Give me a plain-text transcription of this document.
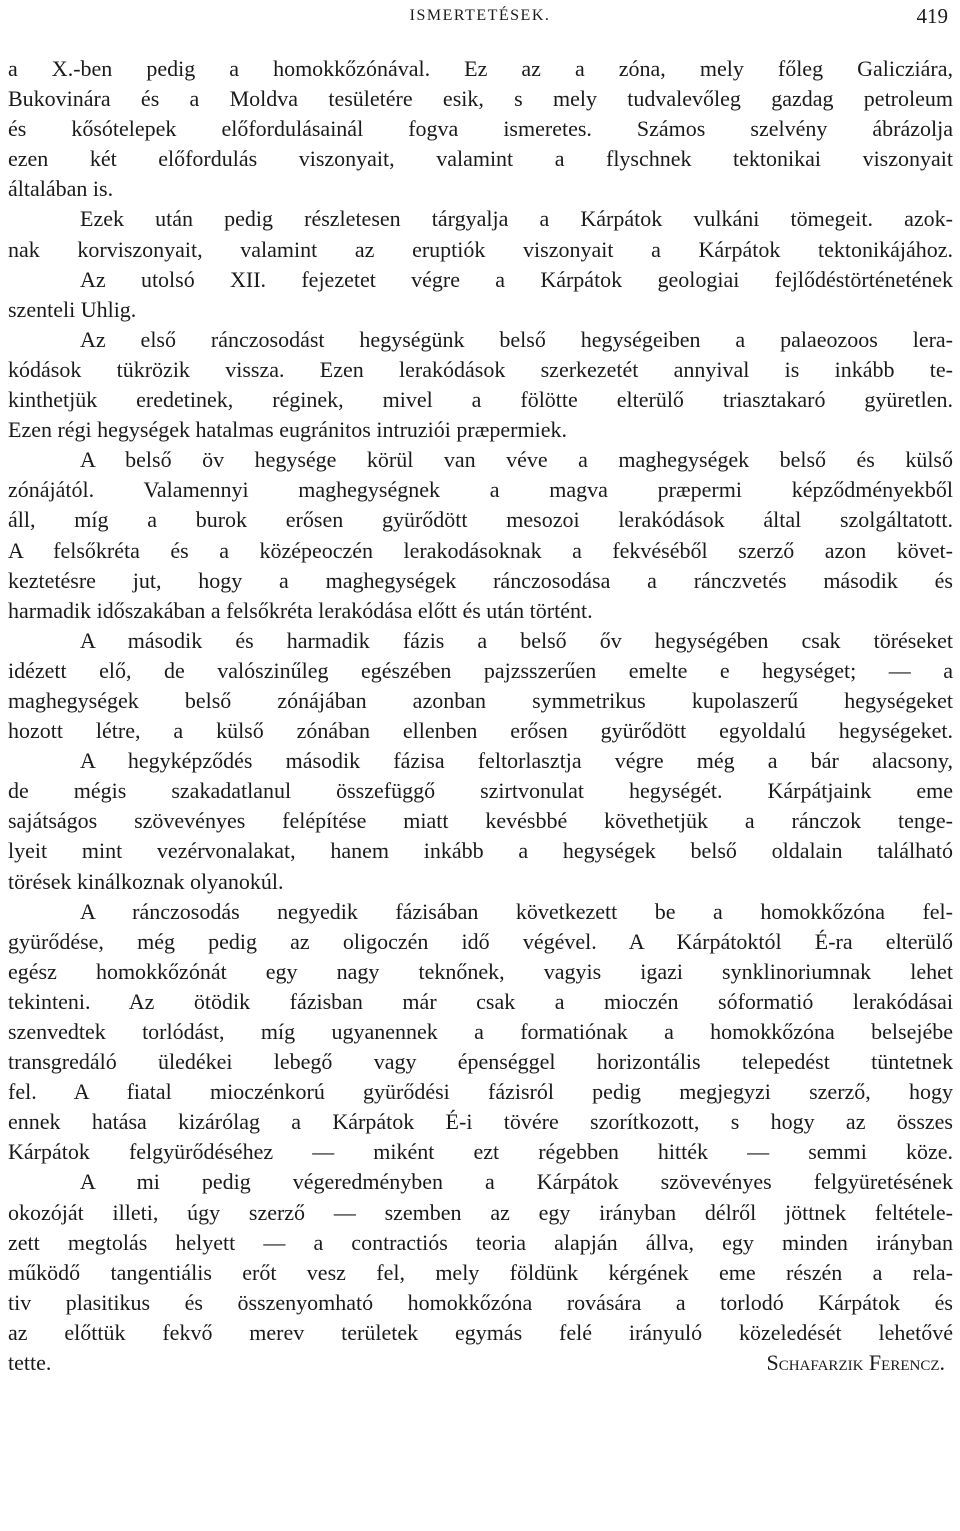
ISMERTETÉSEK.	419
a X.-ben pedig a homokkőzónával. Ez az a zóna, mely főleg Galicziára,
Bukovinára és a Moldva tesületére esik, s mely tudvalevőleg gazdag petroleum
és kősótelepek előfordulásainál fogva ismeretes. Számos szelvény ábrázolja
ezen két előfordulás viszonyait, valamint a flyschnek tektonikai viszonyait
általában is.
Ezek után pedig részletesen tárgyalja a Kárpátok vulkáni tömegeit. azok-
nak korviszonyait, valamint az eruptiók viszonyait a Kárpátok tektonikájához.
Az utolsó XII. fejezetet végre a Kárpátok geologiai fejlődéstörténetének
szenteli Uhlig.
Az első ránczosodást hegységünk belső hegységeiben a palaeozoos lera-
kódások tükrözik vissza. Ezen lerakódások szerkezetét annyival is inkább te-
kinthetjük eredetinek, réginek, mivel a fölötte elterülő triasztakaró gyüretlen.
Ezen régi hegységek hatalmas eugránitos intruziói præpermiek.
A belső öv hegysége körül van véve a maghegységek belső és külső
zónájától. Valamennyi maghegységnek a magva præpermi képződményekből
áll, míg a burok erősen gyürődött mesozoi lerakódások által szolgáltatott.
A felsőkréta és a középeoczén lerakodásoknak a fekvéséből szerző azon követ-
keztetésre jut, hogy a maghegységek ránczosodása a ránczvetés második és
harmadik időszakában a felsőkréta lerakódása előtt és után történt.
A második és harmadik fázis a belső őv hegységében csak töréseket
idézett elő, de valószinűleg egészében pajzsszerűen emelte e hegységet; — a
maghegységek belső zónájában azonban symmetrikus kupolaszerű hegységeket
hozott létre, a külső zónában ellenben erősen gyürődött egyoldalú hegységeket.
A hegyképződés második fázisa feltorlasztja végre még a bár alacsony,
de mégis szakadatlanul összefüggő szirtvonulat hegységét. Kárpátjaink eme
sajátságos szövevényes felépítése miatt kevésbbé követhetjük a ránczok tenge-
lyeit mint vezérvonalakat, hanem inkább a hegységek belső oldalain található
törések kinálkoznak olyanokúl.
A ránczosodás negyedik fázisában következett be a homokkőzóna fel-
gyürődése, még pedig az oligoczén idő végével. A Kárpátoktól É-ra elterülő
egész homokkőzónát egy nagy teknőnek, vagyis igazi synklinoriumnak lehet
tekinteni. Az ötödik fázisban már csak a mioczén sóformatió lerakódásai
szenvedtek torlódást, míg ugyanennek a formatiónak a homokkőzóna belsejébe
transgredáló üledékei lebegő vagy épenséggel horizontális telepedést tüntetnek
fel. A fiatal mioczénkorú gyürődési fázisról pedig megjegyzi szerző, hogy
ennek hatása kizárólag a Kárpátok É-i tövére szorítkozott, s hogy az összes
Kárpátok felgyürődéséhez — miként ezt régebben hitték — semmi köze.
A mi pedig végeredményben a Kárpátok szövevényes felgyüretésének
okozóját illeti, úgy szerző — szemben az egy irányban délről jöttnek feltétele-
zett megtolás helyett — a contractiós teoria alapján állva, egy minden irányban
működő tangentiális erőt vesz fel, mely földünk kérgének eme részén a rela-
tiv plasitikus és összenyomható homokkőzóna rovására a torlodó Kárpátok és
az előttük fekvő merev területek egymás felé irányuló közeledését lehetővé
tette.	Schafarzik Ferencz.
